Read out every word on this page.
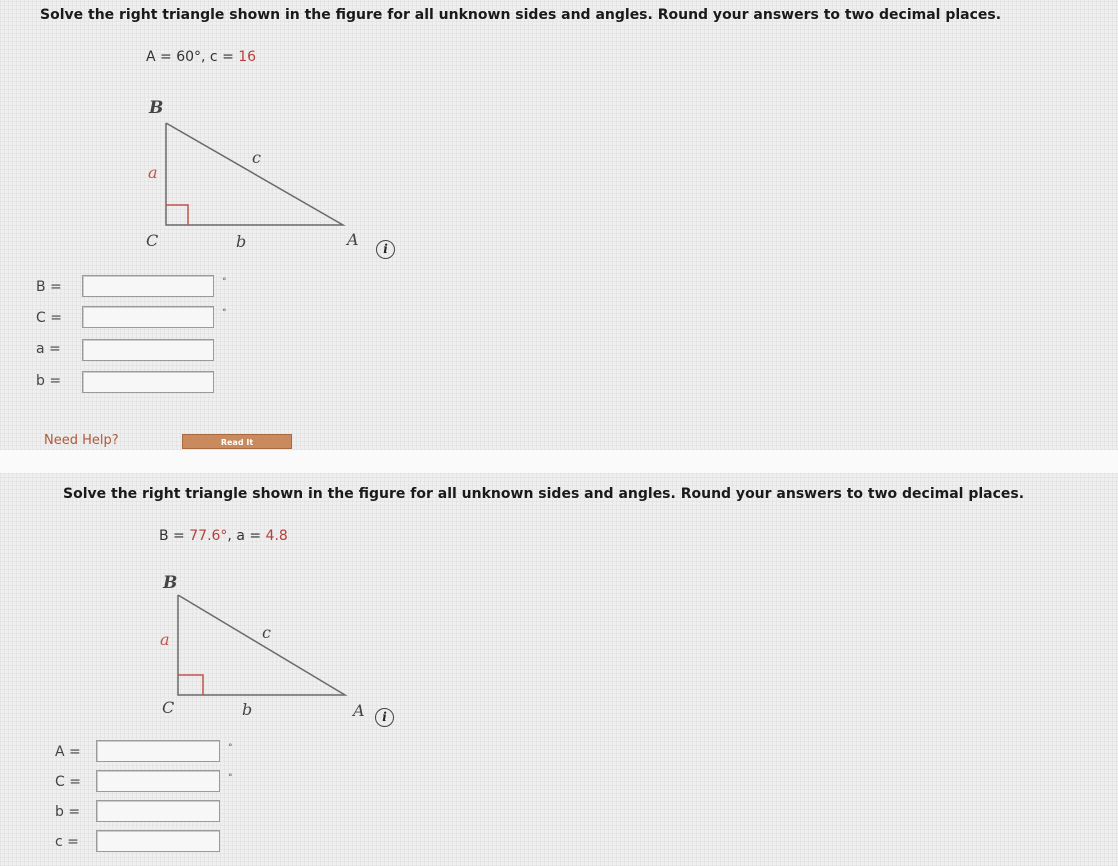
Solve the right triangle shown in the figure for all unknown sides and angles. Round your answers to two decimal places.
A = 60°, c = 16
B
a
c
C	b	A	i
B =	°
C =	°
a =
b =
Need Help?	Read It
Solve the right triangle shown in the figure for all unknown sides and angles. Round your answers to two decimal places.
B = 77.6°, a = 4.8
B
a	c
C	b	A	i
A =	°
C =	°
b =
c =
